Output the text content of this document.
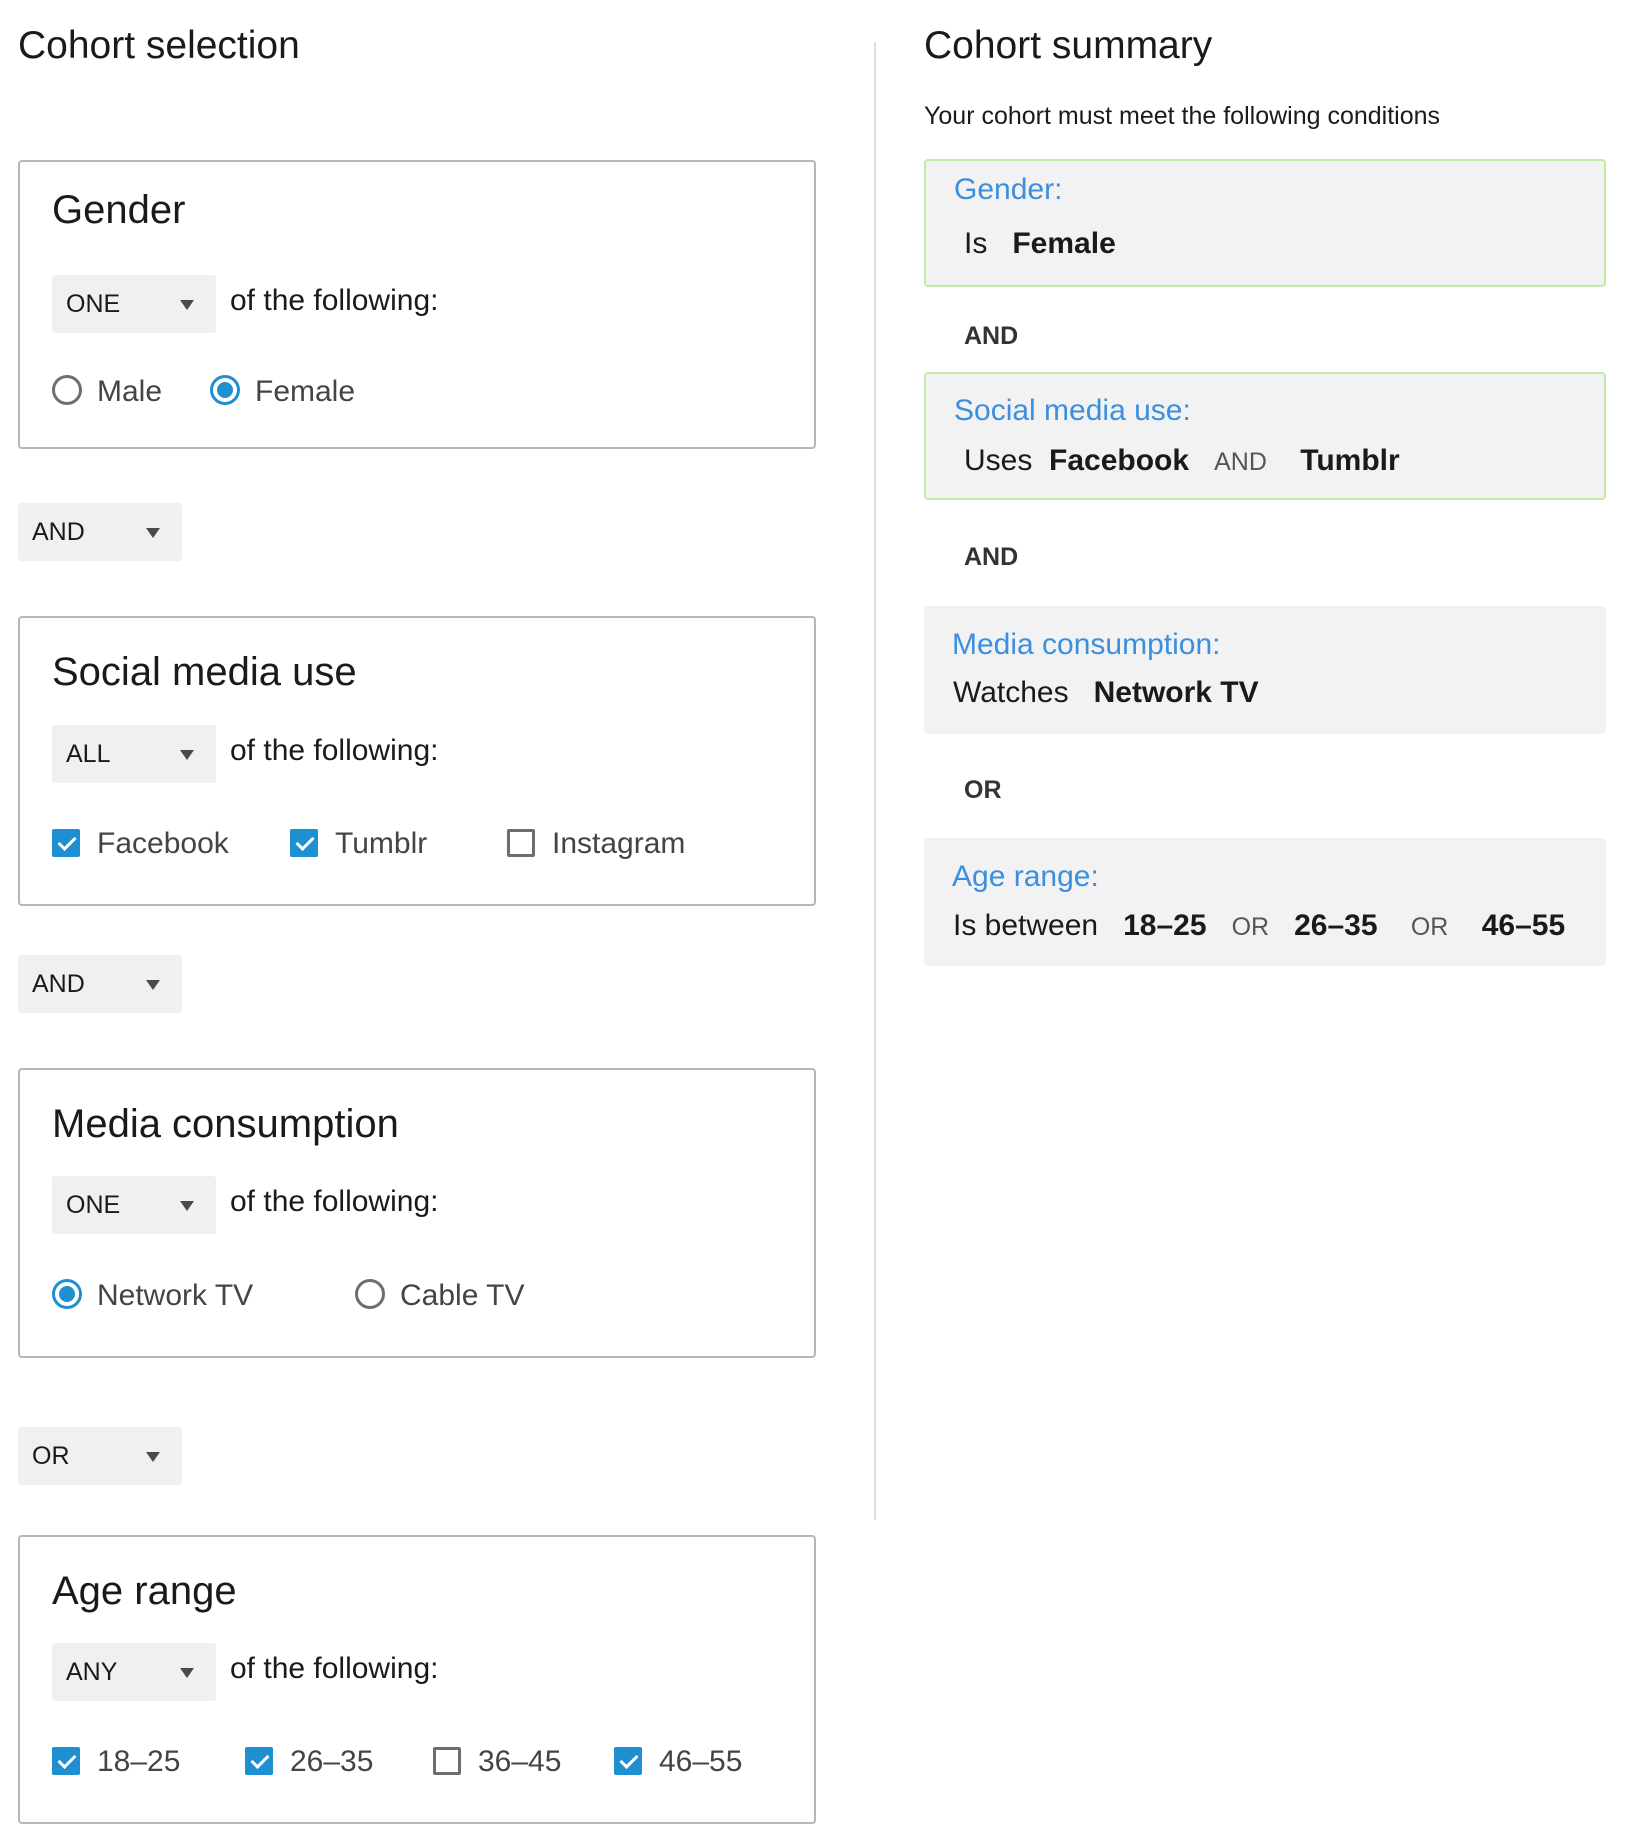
Cohort selection
Gender
ONE	of the following:
Male	Female
AND
Social media use
ALL	of the following:
Facebook	Tumblr	Instagram
AND
Media consumption
ONE	of the following:
Network TV	Cable TV
OR
Age range
ANY	of the following:
18–25	26–35	36–45	46–55
Cohort summary
Your cohort must meet the following conditions
Gender:
Is Female
AND
Social media use:
Uses Facebook AND Tumblr
AND
Media consumption:
Watches Network TV
OR
Age range:
Is between 18–25 OR 26–35 OR 46–55
